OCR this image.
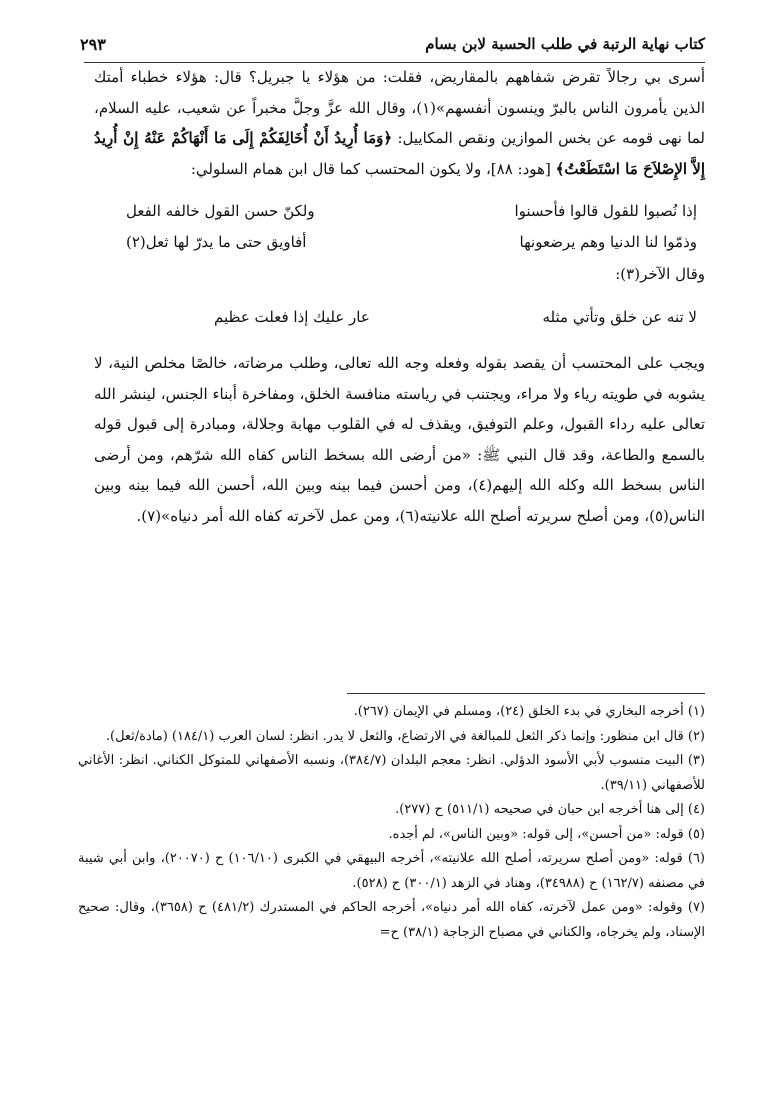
٢٩٣	كتاب نهاية الرتبة في طلب الحسبة لابن بسام

أسرى بي رجالاً تقرض شفاههم بالمقاريض، فقلت: من هؤلاء يا جبريل؟ قال: هؤلاء خطباء أمتك الذين يأمرون الناس بالبرّ وينسون أنفسهم»(١)، وقال الله عزَّ وجلَّ مخبراً عن شعيب، عليه السلام، لما نهى قومه عن بخس الموازين ونقص المكاييل: ﴿وَمَا أُرِيدُ أَنْ أُخَالِفَكُمْ إِلَى مَا أَنْهَاكُمْ عَنْهُ إِنْ أُرِيدُ إِلاَّ الإِصْلاَحَ مَا اسْتَطَعْتُ﴾ [هود: ٨٨]، ولا يكون المحتسب كما قال ابن همام السلولي:

إذا نُصبوا للقول قالوا فأحسنوا
ولكنّ حسن القول خالفه الفعل
وذمّوا لنا الدنيا وهم يرضعونها
أفاويق حتى ما يدرّ لها ثعل(٢)

وقال الآخر(٣):

لا تنه عن خلق وتأتي مثله
عار عليك إذا فعلت عظيم

ويجب على المحتسب أن يقصد بقوله وفعله وجه الله تعالى، وطلب مرضاته، خالصًا مخلص النية، لا يشوبه في طويته رياء ولا مراء، ويجتنب في رياسته منافسة الخلق، ومفاخرة أبناء الجنس، لينشر الله تعالى عليه رداء القبول، وعلم التوفيق، ويقذف له في القلوب مهابة وجلالة، ومبادرة إلى قبول قوله بالسمع والطاعة، وقد قال النبي ﷺ: «من أرضى الله بسخط الناس كفاه الله شرّهم، ومن أرضى الناس بسخط الله وكله الله إليهم(٤)، ومن أحسن فيما بينه وبين الله، أحسن الله فيما بينه وبين الناس(٥)، ومن أصلح سريرته أصلح الله علانيته(٦)، ومن عمل لآخرته كفاه الله أمر دنياه»(٧).

(١) أخرجه البخاري في بدء الخلق (٢٤)، ومسلم في الإيمان (٢٦٧).

(٢) قال ابن منظور: وإنما ذكر الثعل للمبالغة في الارتضاع، والثعل لا يدر. انظر: لسان العرب (١٨٤/١) (مادة/ثعل).

(٣) البيت منسوب لأبي الأسود الدؤلي. انظر: معجم البلدان (٣٨٤/٧)، ونسبه الأصفهاني للمتوكل الكناني. انظر: الأغاني للأصفهاني (٣٩/١١).

(٤) إلى هنا أخرجه ابن حبان في صحيحه (٥١١/١) ح (٢٧٧).

(٥) قوله: «من أحسن»، إلى قوله: «وبين الناس»، لم أجده.

(٦) قوله: «ومن أصلح سريرته، أصلح الله علانيته»، أخرجه البيهقي في الكبرى (١٠٦/١٠) ح (٢٠٠٧٠)، وابن أبي شيبة في مصنفه (١٦٢/٧) ح (٣٤٩٨٨)، وهناد في الزهد (٣٠٠/١) ح (٥٢٨).

(٧) وقوله: «ومن عمل لآخرته، كفاه الله أمر دنياه»، أخرجه الحاكم في المستدرك (٤٨١/٢) ح (٣٦٥٨)، وقال: صحيح الإسناد، ولم يخرجاه، والكناني في مصباح الزجاجة (٣٨/١) ح=
